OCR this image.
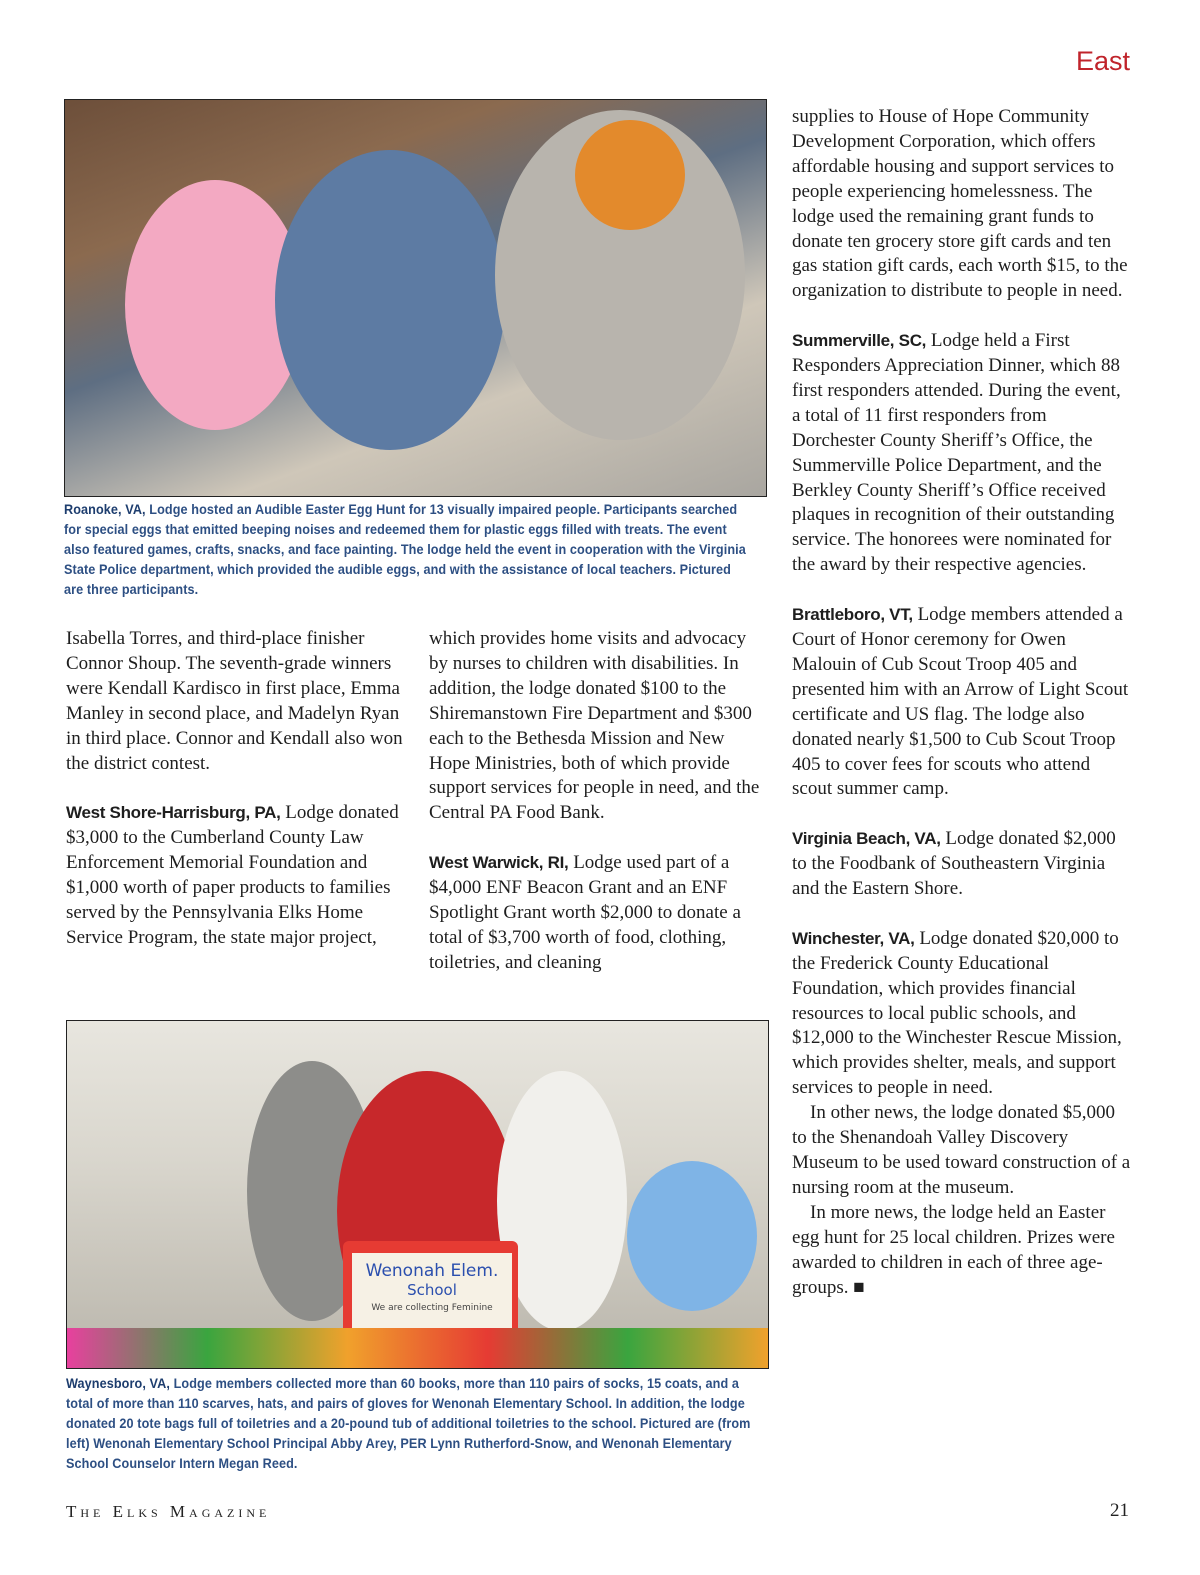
East
Roanoke, VA, Lodge hosted an Audible Easter Egg Hunt for 13 visually impaired people. Participants searched for special eggs that emitted beeping noises and redeemed them for plastic eggs filled with treats. The event also featured games, crafts, snacks, and face painting. The lodge held the event in cooperation with the Virginia State Police department, which provided the audible eggs, and with the assistance of local teachers. Pictured are three participants.

Isabella Torres, and third-place finisher Connor Shoup. The seventh-grade winners were Kendall Kardisco in first place, Emma Manley in second place, and Madelyn Ryan in third place. Connor and Kendall also won the district contest.

West Shore-Harrisburg, PA, Lodge donated $3,000 to the Cumberland County Law Enforcement Memorial Foundation and $1,000 worth of paper products to families served by the Pennsylvania Elks Home Service Program, the state major project,

which provides home visits and advocacy by nurses to children with disabilities. In addition, the lodge donated $100 to the Shiremanstown Fire Department and $300 each to the Bethesda Mission and New Hope Ministries, both of which provide support services for people in need, and the Central PA Food Bank.

West Warwick, RI, Lodge used part of a $4,000 ENF Beacon Grant and an ENF Spotlight Grant worth $2,000 to donate a total of $3,700 worth of food, clothing, toiletries, and cleaning

Wenonah Elem.
School
We are collecting Feminine
Waynesboro, VA, Lodge members collected more than 60 books, more than 110 pairs of socks, 15 coats, and a total of more than 110 scarves, hats, and pairs of gloves for Wenonah Elementary School. In addition, the lodge donated 20 tote bags full of toiletries and a 20-pound tub of additional toiletries to the school. Pictured are (from left) Wenonah Elementary School Principal Abby Arey, PER Lynn Rutherford-Snow, and Wenonah Elementary School Counselor Intern Megan Reed.

supplies to House of Hope Community Development Corporation, which offers affordable housing and support services to people experiencing homelessness. The lodge used the remaining grant funds to donate ten grocery store gift cards and ten gas station gift cards, each worth $15, to the organization to distribute to people in need.

Summerville, SC, Lodge held a First Responders Appreciation Dinner, which 88 first responders attended. During the event, a total of 11 first responders from Dorchester County Sheriff’s Office, the Summerville Police Department, and the Berkley County Sheriff’s Office received plaques in recognition of their outstanding service. The honorees were nominated for the award by their respective agencies.

Brattleboro, VT, Lodge members attended a Court of Honor ceremony for Owen Malouin of Cub Scout Troop 405 and presented him with an Arrow of Light Scout certificate and US flag. The lodge also donated nearly $1,500 to Cub Scout Troop 405 to cover fees for scouts who attend scout summer camp.

Virginia Beach, VA, Lodge donated $2,000 to the Foodbank of Southeastern Virginia and the Eastern Shore.

Winchester, VA, Lodge donated $20,000 to the Frederick County Educational Foundation, which provides financial resources to local public schools, and $12,000 to the Winchester Rescue Mission, which provides shelter, meals, and support services to people in need.

In other news, the lodge donated $5,000 to the Shenandoah Valley Discovery Museum to be used toward construction of a nursing room at the museum.

In more news, the lodge held an Easter egg hunt for 25 local children. Prizes were awarded to children in each of three age-groups. ■

The Elks Magazine	21
